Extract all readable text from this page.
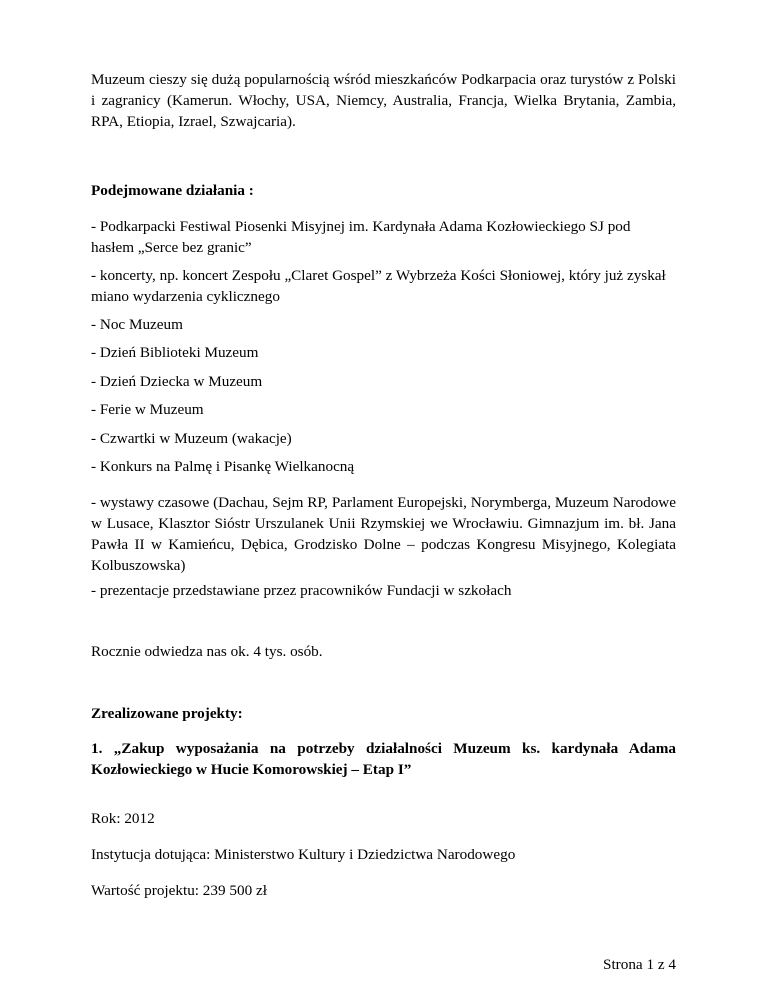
Muzeum cieszy się dużą popularnością wśród mieszkańców Podkarpacia oraz turystów z Polski i zagranicy (Kamerun. Włochy, USA, Niemcy, Australia, Francja, Wielka Brytania, Zambia, RPA, Etiopia, Izrael, Szwajcaria).

Podejmowane działania :

- Podkarpacki Festiwal Piosenki Misyjnej im. Kardynała Adama Kozłowieckiego SJ pod hasłem „Serce bez granic”

- koncerty, np. koncert Zespołu „Claret Gospel” z Wybrzeża Kości Słoniowej, który już zyskał miano wydarzenia cyklicznego

- Noc Muzeum

- Dzień Biblioteki Muzeum

- Dzień Dziecka w Muzeum

- Ferie w Muzeum

- Czwartki w Muzeum (wakacje)

- Konkurs na Palmę i Pisankę Wielkanocną

- wystawy czasowe (Dachau, Sejm RP, Parlament Europejski, Norymberga, Muzeum Narodowe w Lusace, Klasztor Sióstr Urszulanek Unii Rzymskiej we Wrocławiu. Gimnazjum im. bł. Jana Pawła II w Kamieńcu, Dębica, Grodzisko Dolne – podczas Kongresu Misyjnego, Kolegiata Kolbuszowska)

- prezentacje przedstawiane przez pracowników Fundacji w szkołach

Rocznie odwiedza nas ok. 4 tys. osób.

Zrealizowane projekty:

1. „Zakup wyposażania na potrzeby działalności Muzeum ks. kardynała Adama Kozłowieckiego w Hucie Komorowskiej – Etap I”

Rok: 2012

Instytucja dotująca: Ministerstwo Kultury i Dziedzictwa Narodowego

Wartość projektu: 239 500 zł

Strona 1 z 4
